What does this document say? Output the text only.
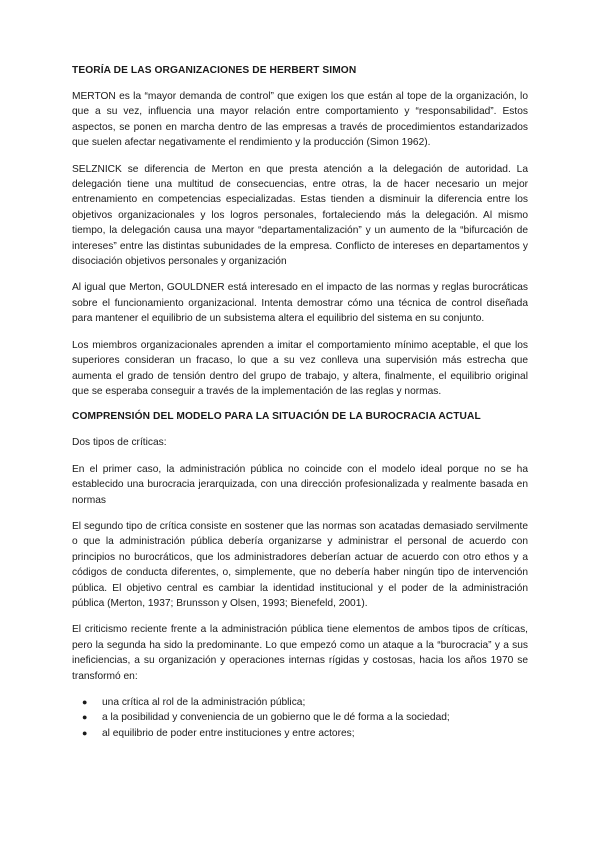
TEORÍA DE LAS ORGANIZACIONES DE HERBERT SIMON

MERTON es la “mayor demanda de control” que exigen los que están al tope de la organización, lo que a su vez, influencia una mayor relación entre comportamiento y “responsabilidad”. Estos aspectos, se ponen en marcha dentro de las empresas a través de procedimientos estandarizados que suelen afectar negativamente el rendimiento y la producción (Simon 1962).

SELZNICK se diferencia de Merton en que presta atención a la delegación de autoridad. La delegación tiene una multitud de consecuencias, entre otras, la de hacer necesario un mejor entrenamiento en competencias especializadas. Estas tienden a disminuir la diferencia entre los objetivos organizacionales y los logros personales, fortaleciendo más la delegación. Al mismo tiempo, la delegación causa una mayor “departamentalización” y un aumento de la “bifurcación de intereses” entre las distintas subunidades de la empresa. Conflicto de intereses en departamentos y disociación objetivos personales y organización

Al igual que Merton, GOULDNER está interesado en el impacto de las normas y reglas burocráticas sobre el funcionamiento organizacional. Intenta demostrar cómo una técnica de control diseñada para mantener el equilibrio de un subsistema altera el equilibrio del sistema en su conjunto.

Los miembros organizacionales aprenden a imitar el comportamiento mínimo aceptable, el que los superiores consideran un fracaso, lo que a su vez conlleva una supervisión más estrecha que aumenta el grado de tensión dentro del grupo de trabajo, y altera, finalmente, el equilibrio original que se esperaba conseguir a través de la implementación de las reglas y normas.

COMPRENSIÓN DEL MODELO PARA LA SITUACIÓN DE LA BUROCRACIA ACTUAL

Dos tipos de críticas:

En el primer caso, la administración pública no coincide con el modelo ideal porque no se ha establecido una burocracia jerarquizada, con una dirección profesionalizada y realmente basada en normas

El segundo tipo de crítica consiste en sostener que las normas son acatadas demasiado servilmente o que la administración pública debería organizarse y administrar el personal de acuerdo con principios no burocráticos, que los administradores deberían actuar de acuerdo con otro ethos y a códigos de conducta diferentes, o, simplemente, que no debería haber ningún tipo de intervención pública. El objetivo central es cambiar la identidad institucional y el poder de la administración pública (Merton, 1937; Brunsson y Olsen, 1993; Bienefeld, 2001).

El criticismo reciente frente a la administración pública tiene elementos de ambos tipos de críticas, pero la segunda ha sido la predominante. Lo que empezó como un ataque a la “burocracia” y a sus ineficiencias, a su organización y operaciones internas rígidas y costosas, hacia los años 1970 se transformó en:

● una crítica al rol de la administración pública;
● a la posibilidad y conveniencia de un gobierno que le dé forma a la sociedad;
● al equilibrio de poder entre instituciones y entre actores;
